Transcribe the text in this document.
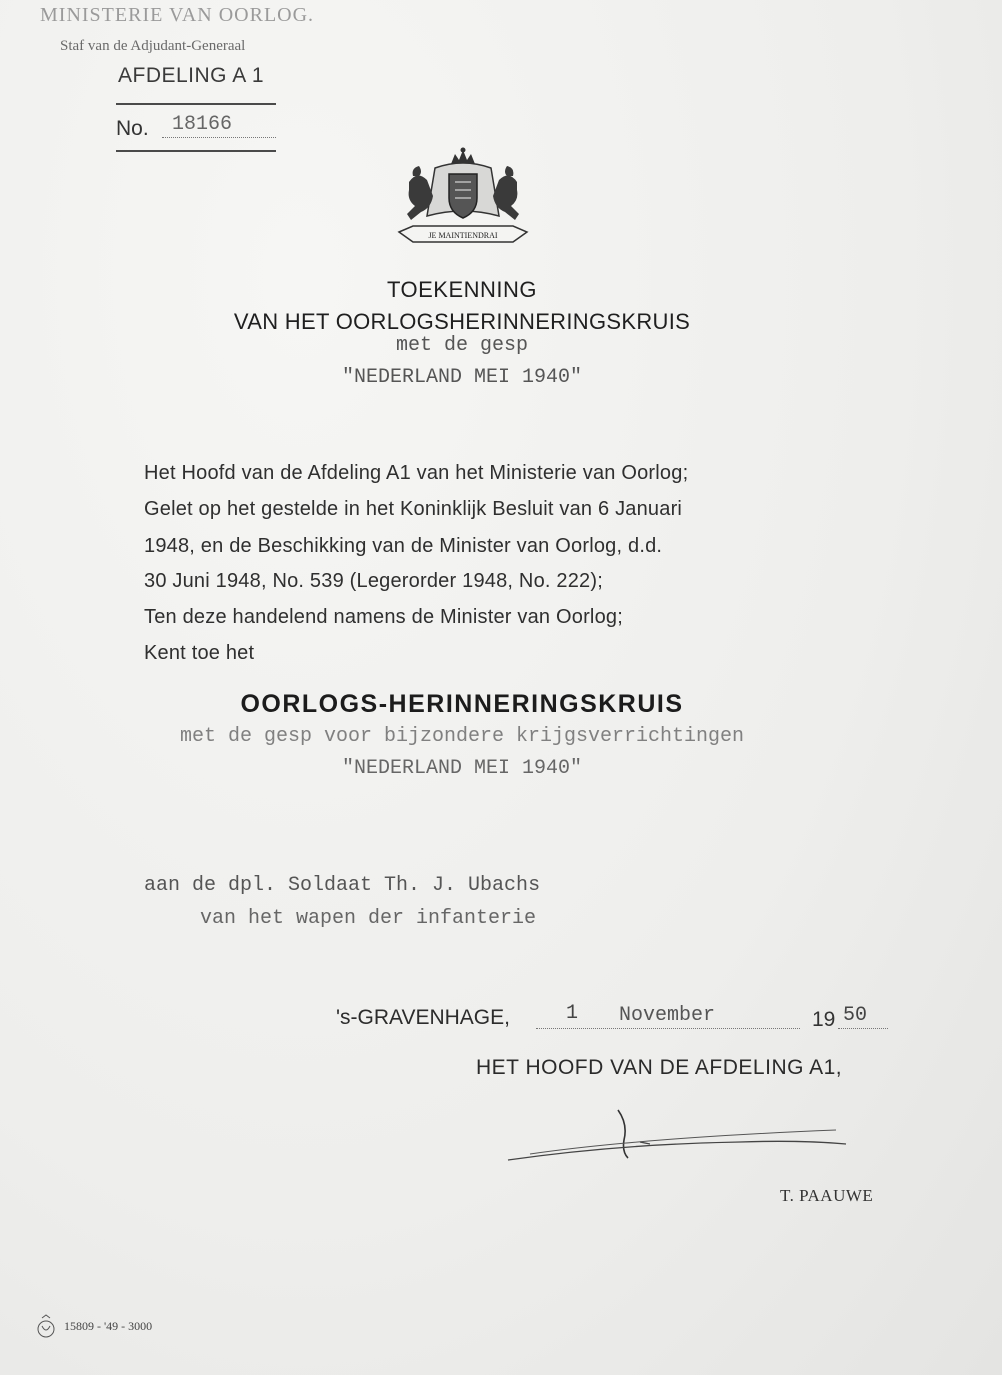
MINISTERIE VAN OORLOG.
Staf van de Adjudant-Generaal
AFDELING A 1
No. 18166
JE MAINTIENDRAI
TOEKENNING
VAN HET OORLOGSHERINNERINGSKRUIS
met de gesp
"NEDERLAND MEI 1940"
Het Hoofd van de Afdeling A1 van het Ministerie van Oorlog;
Gelet op het gestelde in het Koninklijk Besluit van 6 Januari
1948, en de Beschikking van de Minister van Oorlog, d.d.
30 Juni 1948, No. 539 (Legerorder 1948, No. 222);
Ten deze handelend namens de Minister van Oorlog;
Kent toe het
OORLOGS-HERINNERINGSKRUIS
met de gesp voor bijzondere krijgsverrichtingen
"NEDERLAND MEI 1940"
aan de dpl. Soldaat Th. J. Ubachs
van het wapen der infanterie
's-GRAVENHAGE,	1 November	19 50
HET HOOFD VAN DE AFDELING A1,
T. PAAUWE
15809 - '49 - 3000
